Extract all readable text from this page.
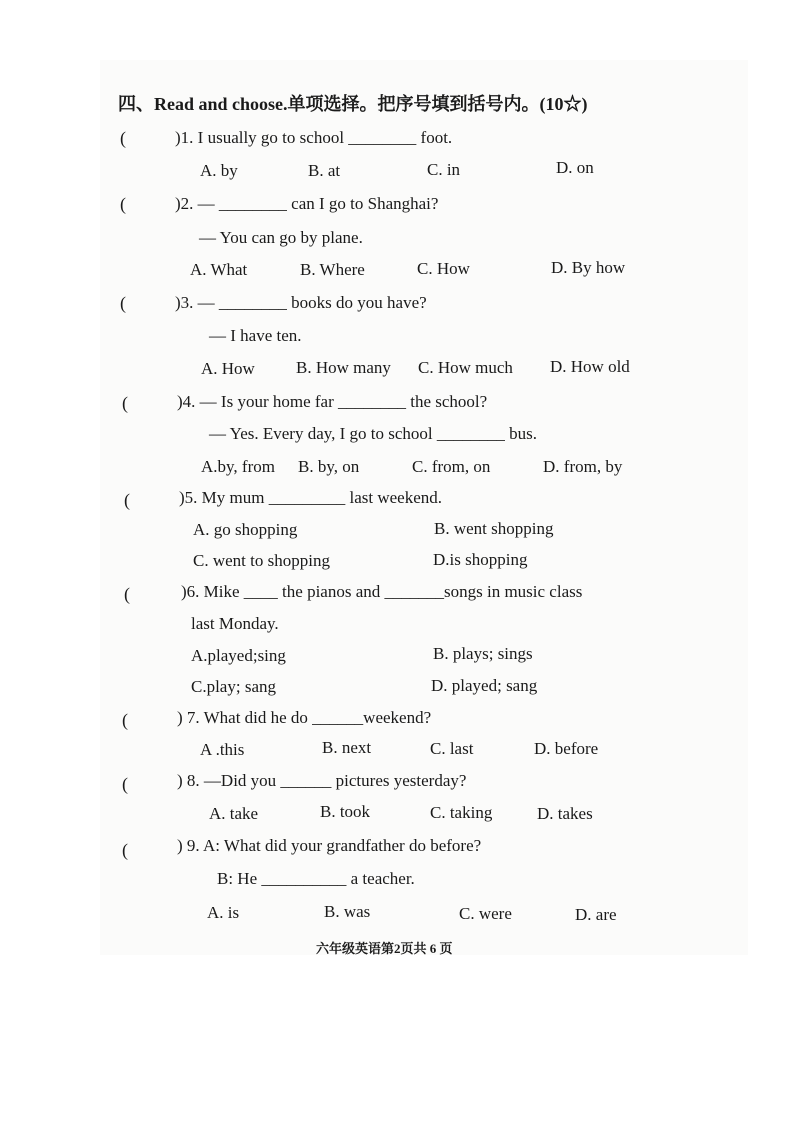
四、Read and choose.单项选择。把序号填到括号内。(10☆)
(	)1. I usually go to school ________ foot.
A. by	B. at	C. in	D. on
(	)2. — ________ can I go to Shanghai?
— You can go by plane.
A. What	B. Where	C. How	D. By how
(	)3. — ________ books do you have?
— I have ten.
A. How B. How many C. How much D. How old
(	)4. — Is your home far ________ the school?
— Yes. Every day, I go to school ________ bus.
A.by, from B. by, on	C. from, on	D. from, by
(	)5. My mum _________ last weekend.
A. go shopping	B. went shopping
C. went to shopping	D.is shopping
(	)6. Mike ____ the pianos and _______songs in music class
last Monday.
A.played;sing	B. plays; sings
C.play; sang	D. played; sang
(	) 7. What did he do ______weekend?
A .this	B. next	C. last	D. before
(	) 8. —Did you ______ pictures yesterday?
A. take	B. took	C. taking	D. takes
(	) 9. A: What did your grandfather do before?
B: He __________ a teacher.
A. is	B. was	C. were	D. are
六年级英语第2页共 6 页
